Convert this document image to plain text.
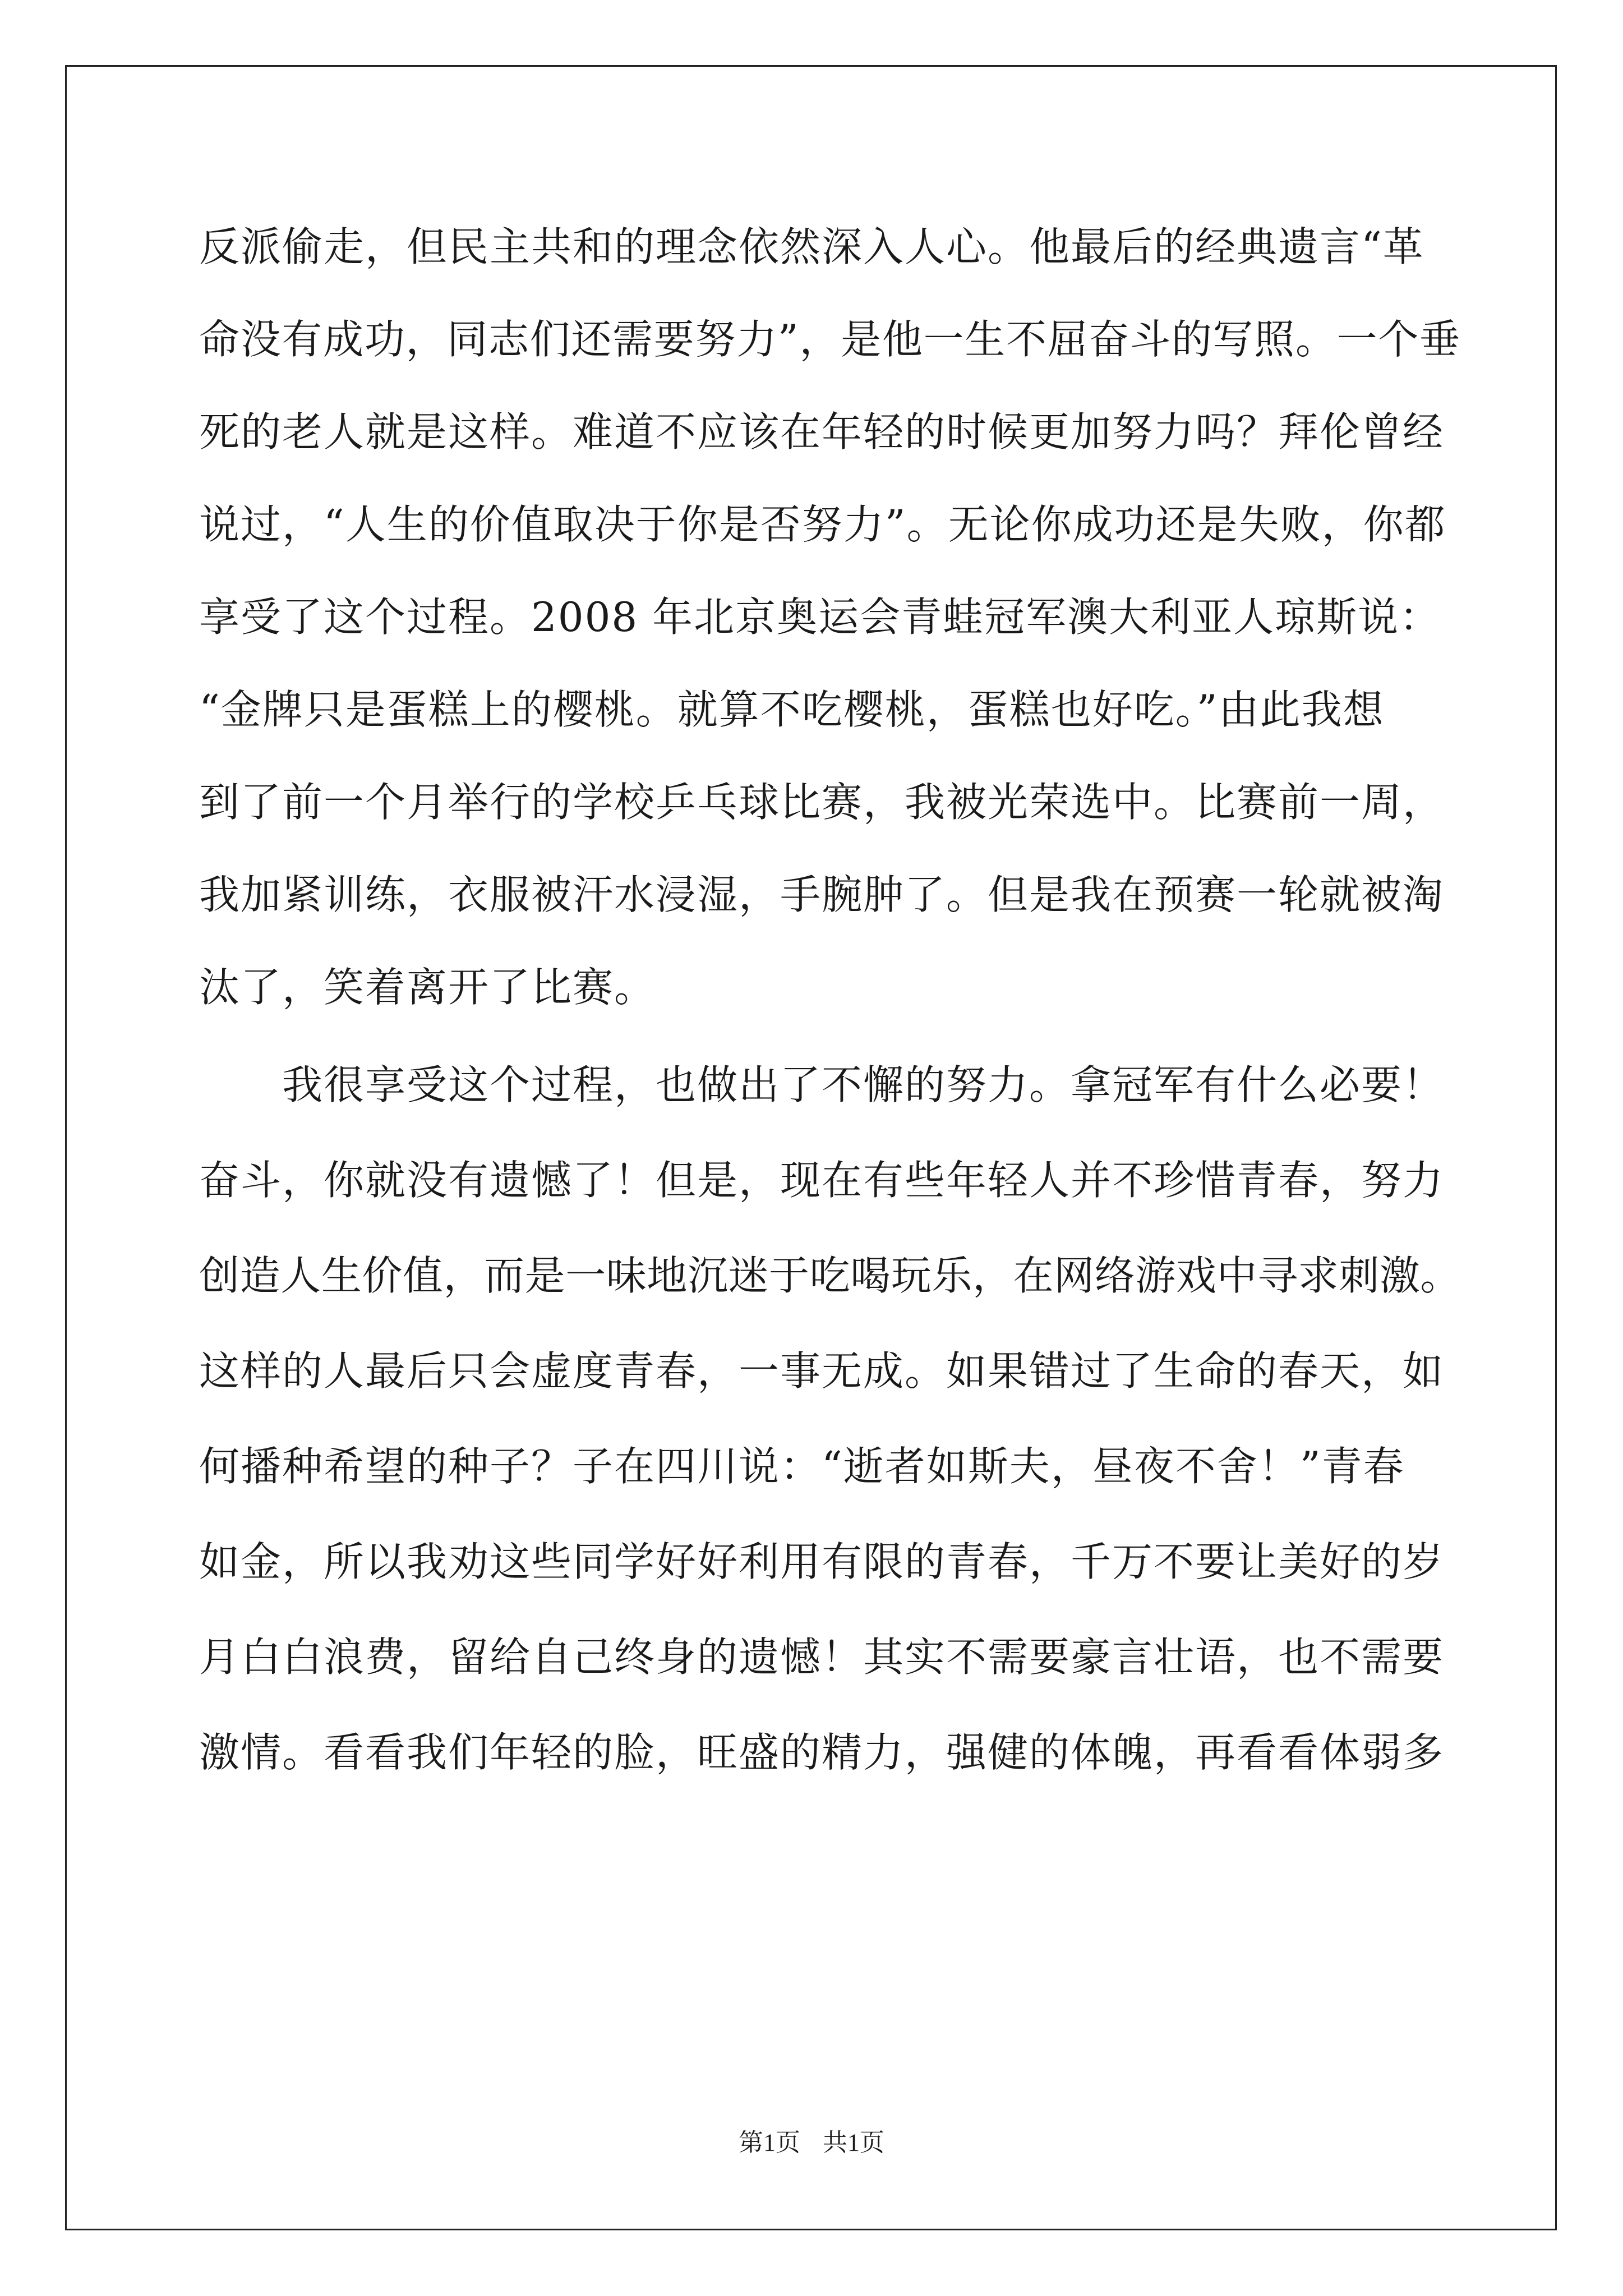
反派偷走，但民主共和的理念依然深入人心。他最后的经典遗言“革
命没有成功，同志们还需要努力”，是他一生不屈奋斗的写照。一个垂
死的老人就是这样。难道不应该在年轻的时候更加努力吗？拜伦曾经
说过，“人生的价值取决于你是否努力”。无论你成功还是失败，你都
享受了这个过程。2008 年北京奥运会青蛙冠军澳大利亚人琼斯说：
“金牌只是蛋糕上的樱桃。就算不吃樱桃，蛋糕也好吃。”由此我想
到了前一个月举行的学校乒乓球比赛，我被光荣选中。比赛前一周，
我加紧训练，衣服被汗水浸湿，手腕肿了。但是我在预赛一轮就被淘
汰了，笑着离开了比赛。
　　我很享受这个过程，也做出了不懈的努力。拿冠军有什么必要！
奋斗，你就没有遗憾了！但是，现在有些年轻人并不珍惜青春，努力
创造人生价值，而是一味地沉迷于吃喝玩乐，在网络游戏中寻求刺激。
这样的人最后只会虚度青春，一事无成。如果错过了生命的春天，如
何播种希望的种子？子在四川说：“逝者如斯夫，昼夜不舍！”青春
如金，所以我劝这些同学好好利用有限的青春，千万不要让美好的岁
月白白浪费，留给自己终身的遗憾！其实不需要豪言壮语，也不需要
激情。看看我们年轻的脸，旺盛的精力，强健的体魄，再看看体弱多
第1页 共1页
